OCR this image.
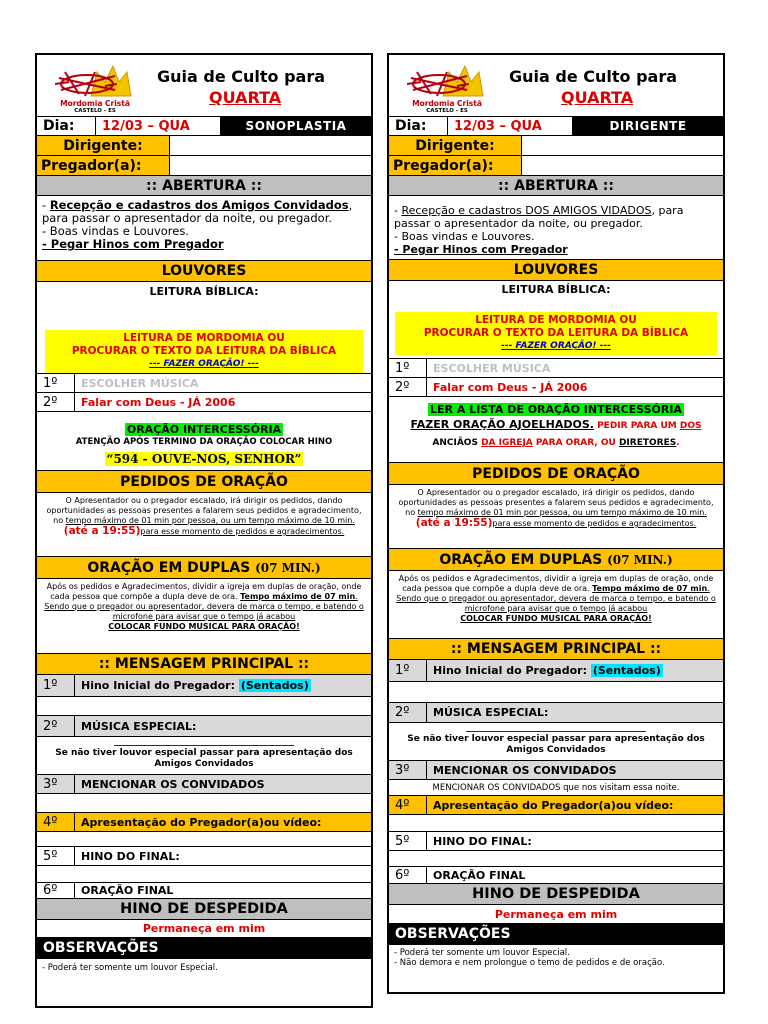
Mordomia Cristã
CASTELO - ES
Guia de Culto para
QUARTA
Dia:	12/03 – QUA	SONOPLASTIA
Dirigente:
Pregador(a):
:: ABERTURA ::
- Recepção e cadastros dos Amigos Convidados, para passar o apresentador da noite, ou pregador.
- Boas vindas e Louvores.
- Pegar Hinos com Pregador
LOUVORES
LEITURA BÍBLICA:
LEITURA DE MORDOMIA OU
PROCURAR O TEXTO DA LEITURA DA BÍBLICA
--- FAZER ORAÇÃO! ---
1º	ESCOLHER MÚSICA
2º	Falar com Deus - JÁ 2006
ORAÇÃO INTERCESSÓRIA
ATENÇÃO APÓS TERMINO DA ORAÇÃO COLOCAR HINO
“594 - OUVE-NOS, SENHOR”
PEDIDOS DE ORAÇÃO
O Apresentador ou o pregador escalado, irá dirigir os pedidos, dando oportunidades as pessoas presentes a falarem seus pedidos e agradecimento, no tempo máximo de 01 min por pessoa, ou um tempo máximo de 10 min. (até a 19:55)para esse momento de pedidos e agradecimentos.
ORAÇÃO EM DUPLAS
(07 MIN.)
Após os pedidos e Agradecimentos, dividir a igreja em duplas de oração, onde cada pessoa que compõe a dupla deve de ora. Tempo máximo de 07 min. Sendo que o pregador ou apresentador, devera de marca o tempo, e batendo o microfone para avisar que o tempo já acabou
COLOCAR FUNDO MUSICAL PARA ORAÇÃO!
:: MENSAGEM PRINCIPAL ::
1º	Hino Inicial do Pregador:
(Sentados)
2º	MÚSICA ESPECIAL:
________________________________________
Se não tiver louvor especial passar para apresentação dos Amigos Convidados
3º	MENCIONAR OS CONVIDADOS
4º	Apresentação do Pregador(a)ou vídeo:
5º	HINO DO FINAL:
6º	ORAÇÃO FINAL
HINO DE DESPEDIDA
Permaneça em mim
OBSERVAÇÕES
- Poderá ter somente um louvor Especial.
Mordomia Cristã
CASTELO - ES
Guia de Culto para
QUARTA
Dia:	12/03 – QUA	DIRIGENTE
Dirigente:
Pregador(a):
:: ABERTURA ::
- Recepção e cadastros DOS AMIGOS VIDADOS, para passar o apresentador da noite, ou pregador.
- Boas vindas e Louvores.
- Pegar Hinos com Pregador
LOUVORES
LEITURA BÍBLICA:
LEITURA DE MORDOMIA OU
PROCURAR O TEXTO DA LEITURA DA BÍBLICA
--- FAZER ORAÇÃO! ---
1º	ESCOLHER MÚSICA
2º	Falar com Deus - JÁ 2006
LER A LISTA DE ORAÇÃO INTERCESSÓRIA
FAZER ORAÇÃO AJOELHADOS. PEDIR PARA UM DOS ANCIÃOS DA IGREJA PARA ORAR, OU DIRETORES.
PEDIDOS DE ORAÇÃO
O Apresentador ou o pregador escalado, irá dirigir os pedidos, dando oportunidades as pessoas presentes a falarem seus pedidos e agradecimento, no tempo máximo de 01 min por pessoa, ou um tempo máximo de 10 min. (até a 19:55)para esse momento de pedidos e agradecimentos.
ORAÇÃO EM DUPLAS
(07 MIN.)
Após os pedidos e Agradecimentos, dividir a igreja em duplas de oração, onde cada pessoa que compõe a dupla deve de ora. Tempo máximo de 07 min. Sendo que o pregador ou apresentador, devera de marca o tempo, e batendo o microfone para avisar que o tempo já acabou
COLOCAR FUNDO MUSICAL PARA ORAÇÃO!
:: MENSAGEM PRINCIPAL ::
1º	Hino Inicial do Pregador:
(Sentados)
2º	MÚSICA ESPECIAL:
________________________________________
Se não tiver louvor especial passar para apresentação dos Amigos Convidados
3º	MENCIONAR OS CONVIDADOS
MENCIONAR OS CONVIDADOS que nos visitam essa noite.
4º	Apresentação do Pregador(a)ou vídeo:
5º	HINO DO FINAL:
6º	ORAÇÃO FINAL
HINO DE DESPEDIDA
Permaneça em mim
OBSERVAÇÕES
- Poderá ter somente um louvor Especial.
- Não demora e nem prolongue o temo de pedidos e de oração.
